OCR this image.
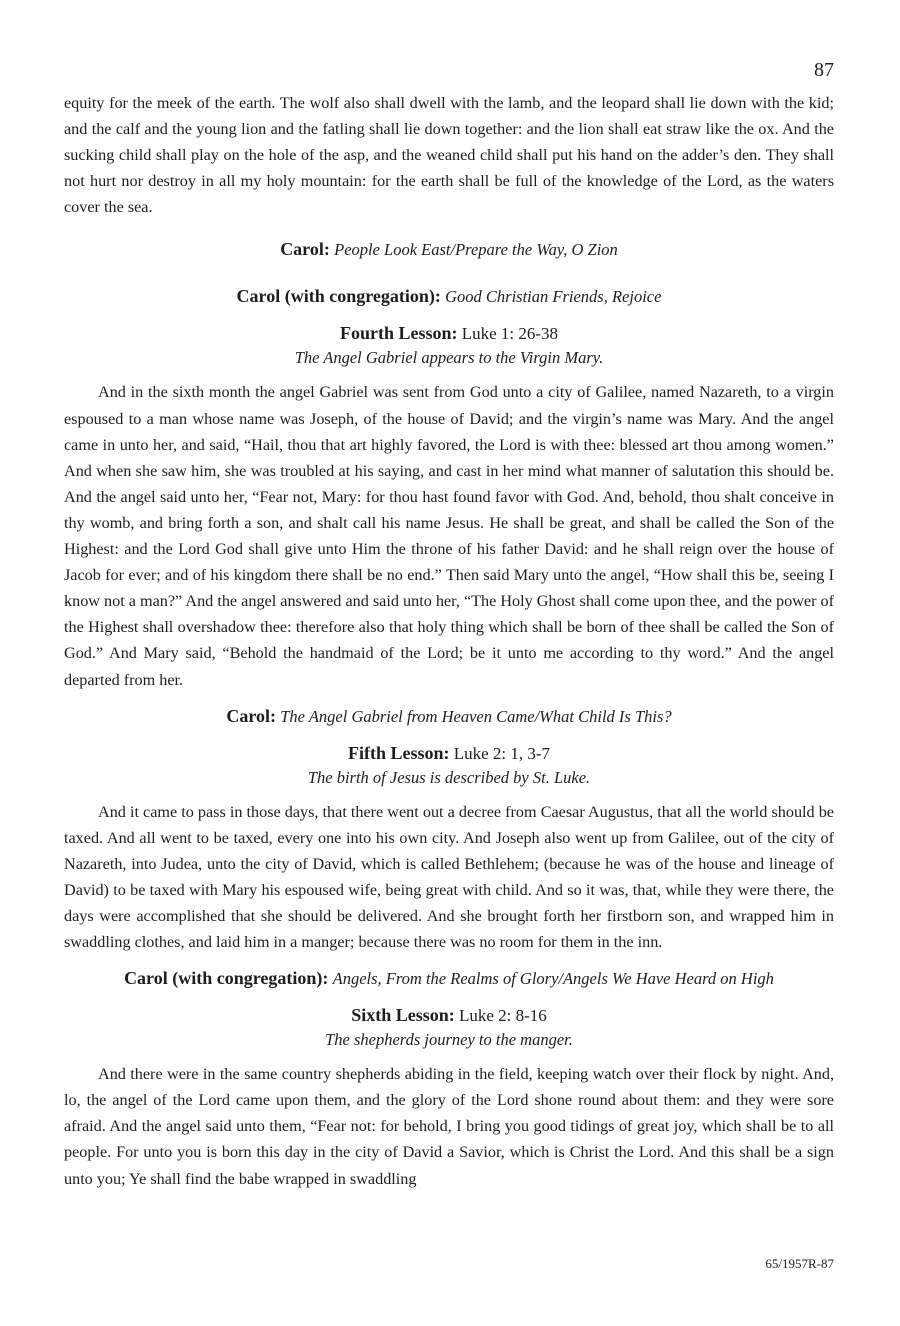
87

equity for the meek of the earth. The wolf also shall dwell with the lamb, and the leopard shall lie down with the kid; and the calf and the young lion and the fatling shall lie down together: and the lion shall eat straw like the ox. And the sucking child shall play on the hole of the asp, and the weaned child shall put his hand on the adder’s den. They shall not hurt nor destroy in all my holy mountain: for the earth shall be full of the knowledge of the Lord, as the waters cover the sea.

Carol: People Look East/Prepare the Way, O Zion
Carol (with congregation): Good Christian Friends, Rejoice
Fourth Lesson: Luke 1: 26-38
The Angel Gabriel appears to the Virgin Mary.

And in the sixth month the angel Gabriel was sent from God unto a city of Galilee, named Nazareth, to a virgin espoused to a man whose name was Joseph, of the house of David; and the virgin’s name was Mary. And the angel came in unto her, and said, “Hail, thou that art highly favored, the Lord is with thee: blessed art thou among women.” And when she saw him, she was troubled at his saying, and cast in her mind what manner of salutation this should be. And the angel said unto her, “Fear not, Mary: for thou hast found favor with God. And, behold, thou shalt conceive in thy womb, and bring forth a son, and shalt call his name Jesus. He shall be great, and shall be called the Son of the Highest: and the Lord God shall give unto Him the throne of his father David: and he shall reign over the house of Jacob for ever; and of his kingdom there shall be no end.” Then said Mary unto the angel, “How shall this be, seeing I know not a man?” And the angel answered and said unto her, “The Holy Ghost shall come upon thee, and the power of the Highest shall overshadow thee: therefore also that holy thing which shall be born of thee shall be called the Son of God.” And Mary said, “Behold the handmaid of the Lord; be it unto me according to thy word.” And the angel departed from her.

Carol: The Angel Gabriel from Heaven Came/What Child Is This?
Fifth Lesson: Luke 2: 1, 3-7
The birth of Jesus is described by St. Luke.

And it came to pass in those days, that there went out a decree from Caesar Augustus, that all the world should be taxed. And all went to be taxed, every one into his own city. And Joseph also went up from Galilee, out of the city of Nazareth, into Judea, unto the city of David, which is called Bethlehem; (because he was of the house and lineage of David) to be taxed with Mary his espoused wife, being great with child. And so it was, that, while they were there, the days were accomplished that she should be delivered. And she brought forth her firstborn son, and wrapped him in swaddling clothes, and laid him in a manger; because there was no room for them in the inn.

Carol (with congregation): Angels, From the Realms of Glory/Angels We Have Heard on High
Sixth Lesson: Luke 2: 8-16
The shepherds journey to the manger.

And there were in the same country shepherds abiding in the field, keeping watch over their flock by night. And, lo, the angel of the Lord came upon them, and the glory of the Lord shone round about them: and they were sore afraid. And the angel said unto them, “Fear not: for behold, I bring you good tidings of great joy, which shall be to all people. For unto you is born this day in the city of David a Savior, which is Christ the Lord. And this shall be a sign unto you; Ye shall find the babe wrapped in swaddling

65/1957R-87
